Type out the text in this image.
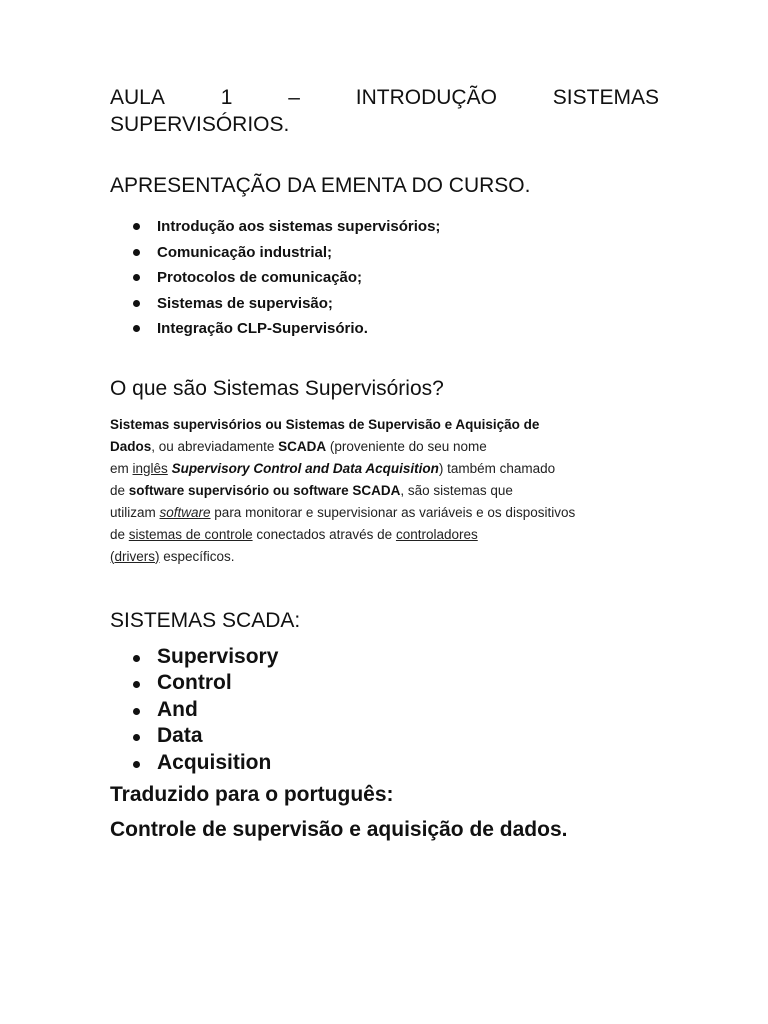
AULA	1	–	INTRODUÇÃO	SISTEMAS
SUPERVISÓRIOS.
APRESENTAÇÃO DA EMENTA DO CURSO.
Introdução aos sistemas supervisórios;
Comunicação industrial;
Protocolos de comunicação;
Sistemas de supervisão;
Integração CLP-Supervisório.
O que são Sistemas Supervisórios?
Sistemas supervisórios ou Sistemas de Supervisão e Aquisição de
Dados, ou abreviadamente SCADA (proveniente do seu nome
em inglês Supervisory Control and Data Acquisition) também chamado
de software supervisório ou software SCADA, são sistemas que
utilizam software para monitorar e supervisionar as variáveis e os dispositivos
de sistemas de controle conectados através de controladores
(drivers) específicos.
SISTEMAS SCADA:
Supervisory
Control
And
Data
Acquisition

Traduzido para o português:

Controle de supervisão e aquisição de dados.
